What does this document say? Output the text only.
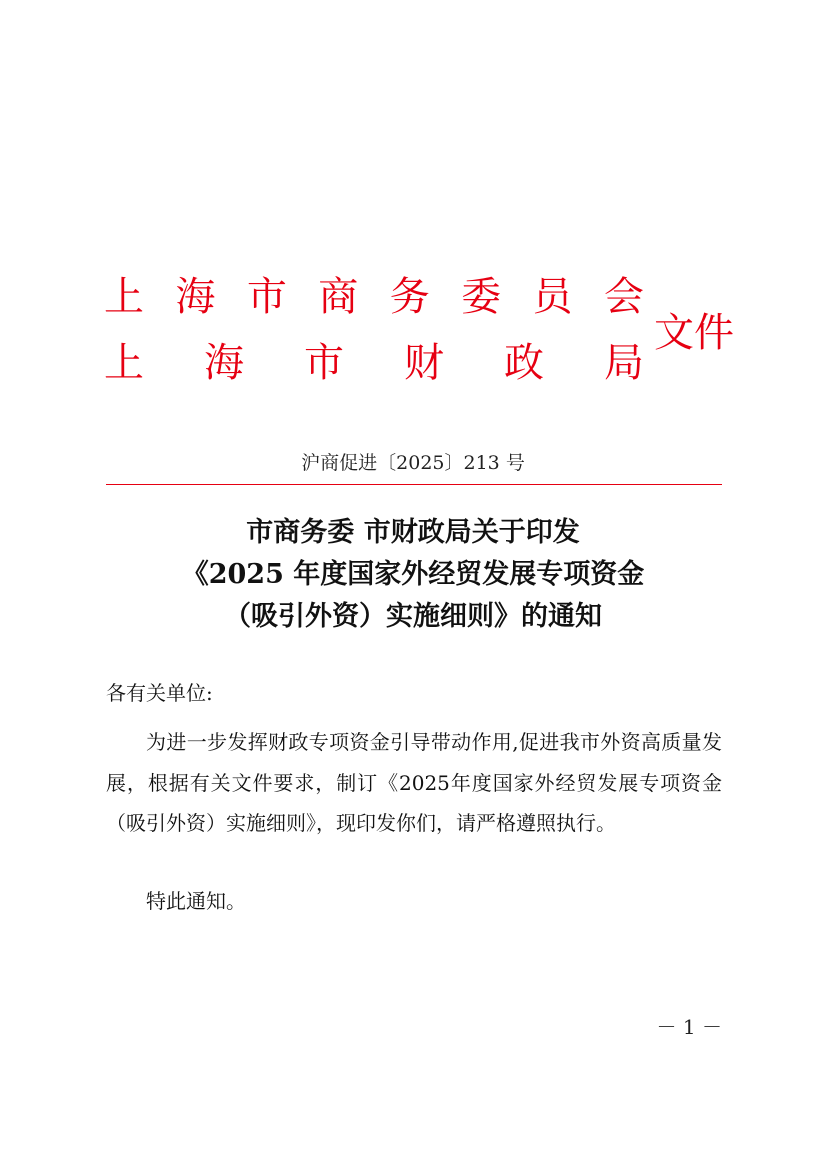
上 海 市 商 务 委 员 会
上 海 市 财 政 局
文件
沪商促进〔2025〕213 号
市商务委 市财政局关于印发
《2025 年度国家外经贸发展专项资金
（吸引外资）实施细则》的通知
各有关单位:

为进一步发挥财政专项资金引导带动作用,促进我市外资高质量发展，根据有关文件要求，制订《2025年度国家外经贸发展专项资金（吸引外资）实施细则》，现印发你们，请严格遵照执行。

特此通知。
－ 1 －
